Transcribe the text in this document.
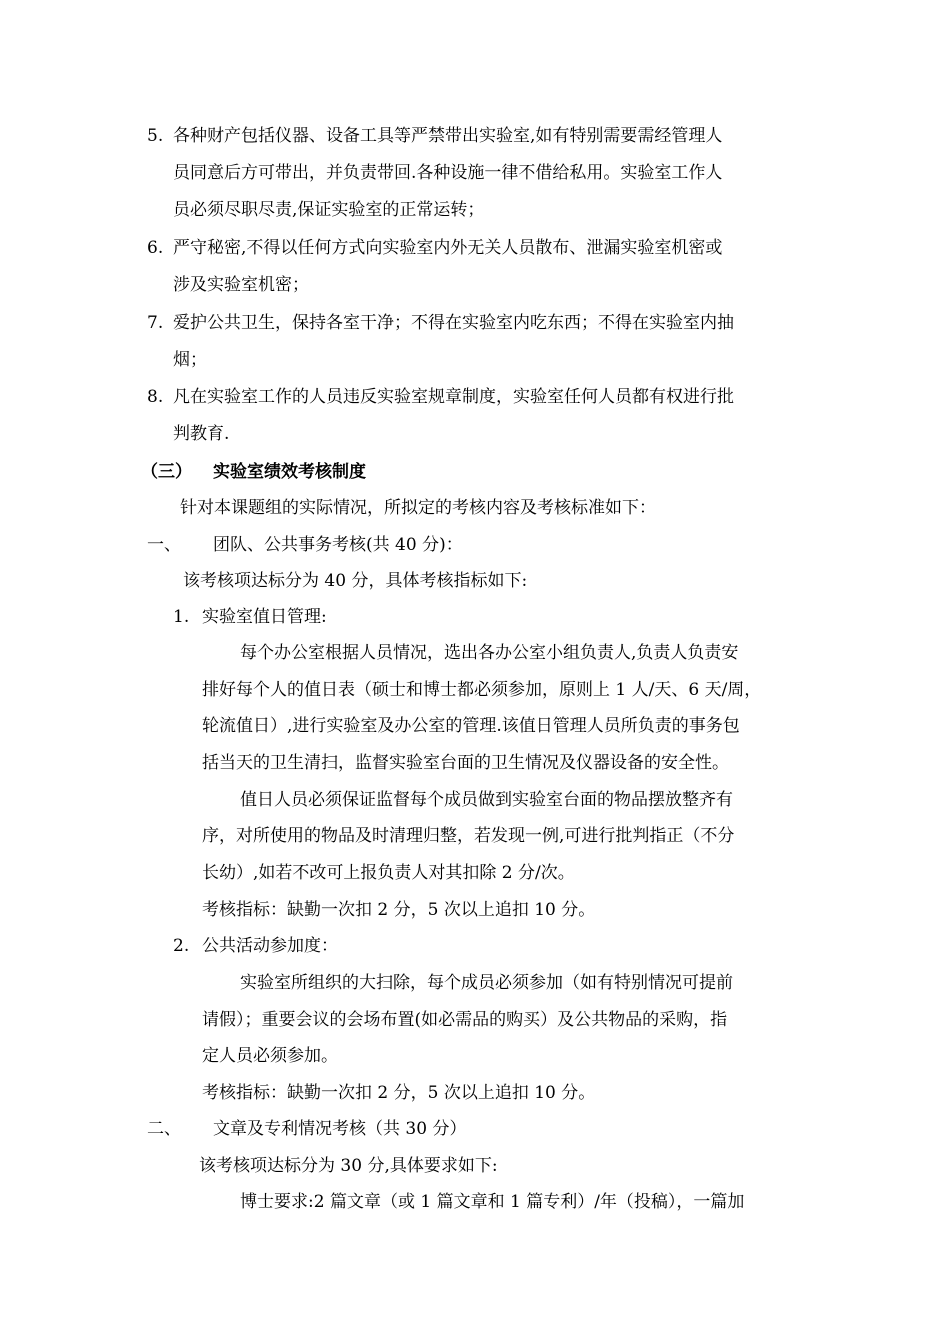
5. 各种财产包括仪器、设备工具等严禁带出实验室,如有特别需要需经管理人
员同意后方可带出，并负责带回.各种设施一律不借给私用。实验室工作人
员必须尽职尽责,保证实验室的正常运转；
6. 严守秘密,不得以任何方式向实验室内外无关人员散布、泄漏实验室机密或
涉及实验室机密；
7. 爱护公共卫生，保持各室干净；不得在实验室内吃东西；不得在实验室内抽
烟；
8. 凡在实验室工作的人员违反实验室规章制度，实验室任何人员都有权进行批
判教育.
（三） 实验室绩效考核制度
针对本课题组的实际情况，所拟定的考核内容及考核标准如下：
一、 团队、公共事务考核(共 40 分)：
该考核项达标分为 40 分，具体考核指标如下:
1. 实验室值日管理:
每个办公室根据人员情况，选出各办公室小组负责人,负责人负责安
排好每个人的值日表（硕士和博士都必须参加，原则上 1 人/天、6 天/周，
轮流值日）,进行实验室及办公室的管理.该值日管理人员所负责的事务包
括当天的卫生清扫，监督实验室台面的卫生情况及仪器设备的安全性。
值日人员必须保证监督每个成员做到实验室台面的物品摆放整齐有
序，对所使用的物品及时清理归整，若发现一例,可进行批判指正（不分
长幼）,如若不改可上报负责人对其扣除 2 分/次。
考核指标：缺勤一次扣 2 分，5 次以上追扣 10 分。
2. 公共活动参加度：
实验室所组织的大扫除，每个成员必须参加（如有特别情况可提前
请假）；重要会议的会场布置(如必需品的购买）及公共物品的采购，指
定人员必须参加。
考核指标：缺勤一次扣 2 分，5 次以上追扣 10 分。
二、 文章及专利情况考核（共 30 分）
该考核项达标分为 30 分,具体要求如下:
博士要求:2 篇文章（或 1 篇文章和 1 篇专利）/年（投稿），一篇加
